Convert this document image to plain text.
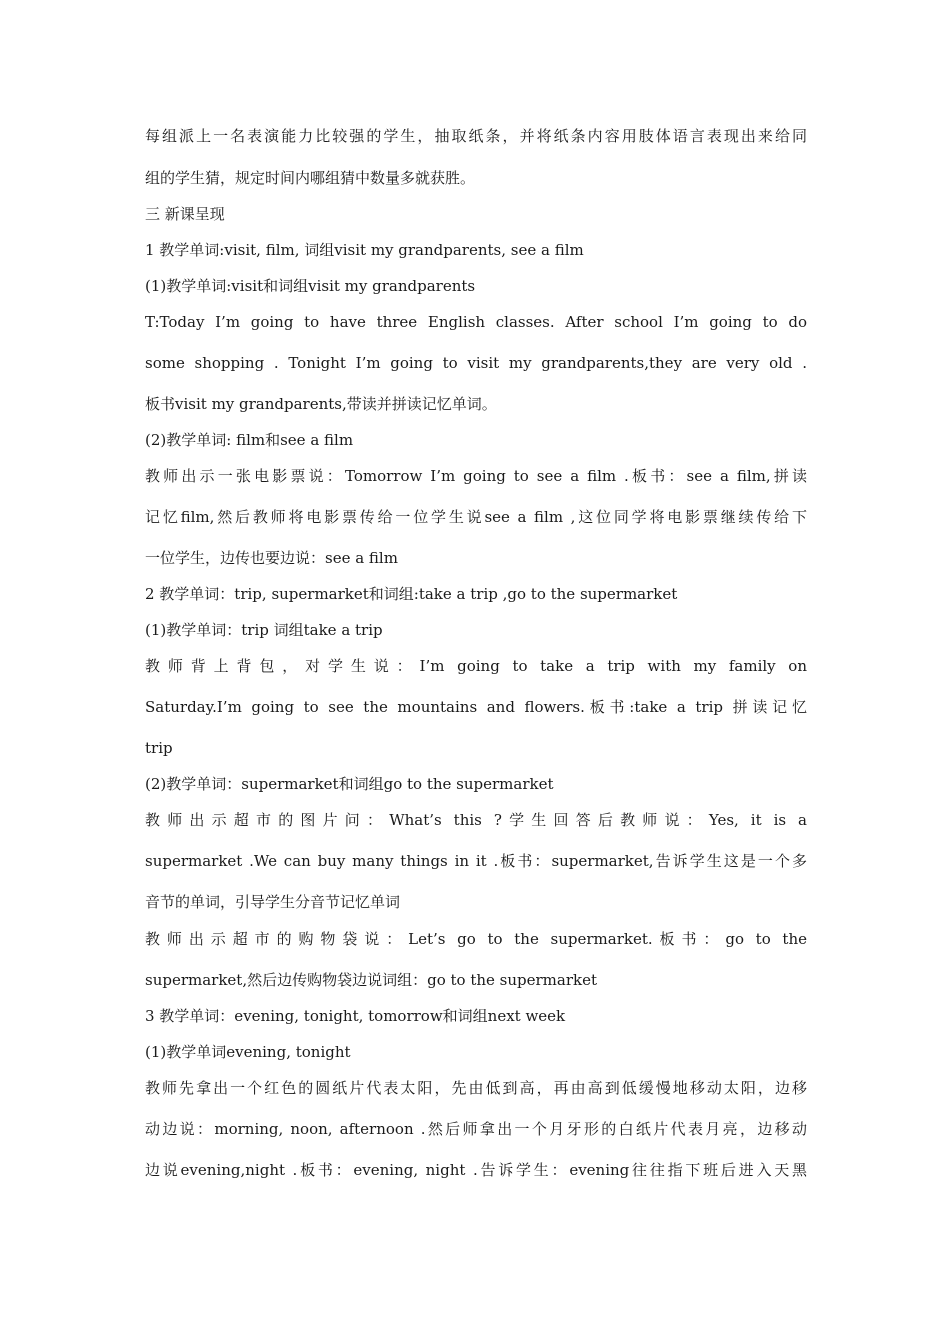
每组派上一名表演能力比较强的学生，抽取纸条，并将纸条内容用肢体语言表现出来给同
组的学生猜，规定时间内哪组猜中数量多就获胜。
三 新课呈现
1 教学单词:visit, film, 词组visit my grandparents, see a film
(1)教学单词:visit和词组visit my grandparents
T:Today I’m going to have three English classes. After school I’m going to do
some shopping . Tonight I’m going to visit my grandparents,they are very old .
板书visit my grandparents,带读并拼读记忆单词。
(2)教学单词: film和see a film
教师出示一张电影票说：Tomorrow I’m going to see a film .板书：see a film,拼读
记忆film,然后教师将电影票传给一位学生说see a film ,这位同学将电影票继续传给下
一位学生，边传也要边说：see a film
2 教学单词：trip, supermarket和词组:take a trip ,go to the supermarket
(1)教学单词：trip 词组take a trip
教师背上背包，对学生说：I’m going to take a trip with my family on
Saturday.I’m going to see the mountains and flowers.板书:take a trip 拼读记忆
trip
(2)教学单词：supermarket和词组go to the supermarket
教师出示超市的图片问：What’s this ?学生回答后教师说：Yes, it is a
supermarket .We can buy many things in it .板书：supermarket,告诉学生这是一个多
音节的单词，引导学生分音节记忆单词
教师出示超市的购物袋说：Let’s go to the supermarket.板书：go to the
supermarket,然后边传购物袋边说词组：go to the supermarket
3 教学单词：evening, tonight, tomorrow和词组next week
(1)教学单词evening, tonight
教师先拿出一个红色的圆纸片代表太阳，先由低到高，再由高到低缓慢地移动太阳，边移
动边说：morning, noon, afternoon .然后师拿出一个月牙形的白纸片代表月亮，边移动
边说evening,night .板书：evening, night .告诉学生：evening往往指下班后进入天黑
